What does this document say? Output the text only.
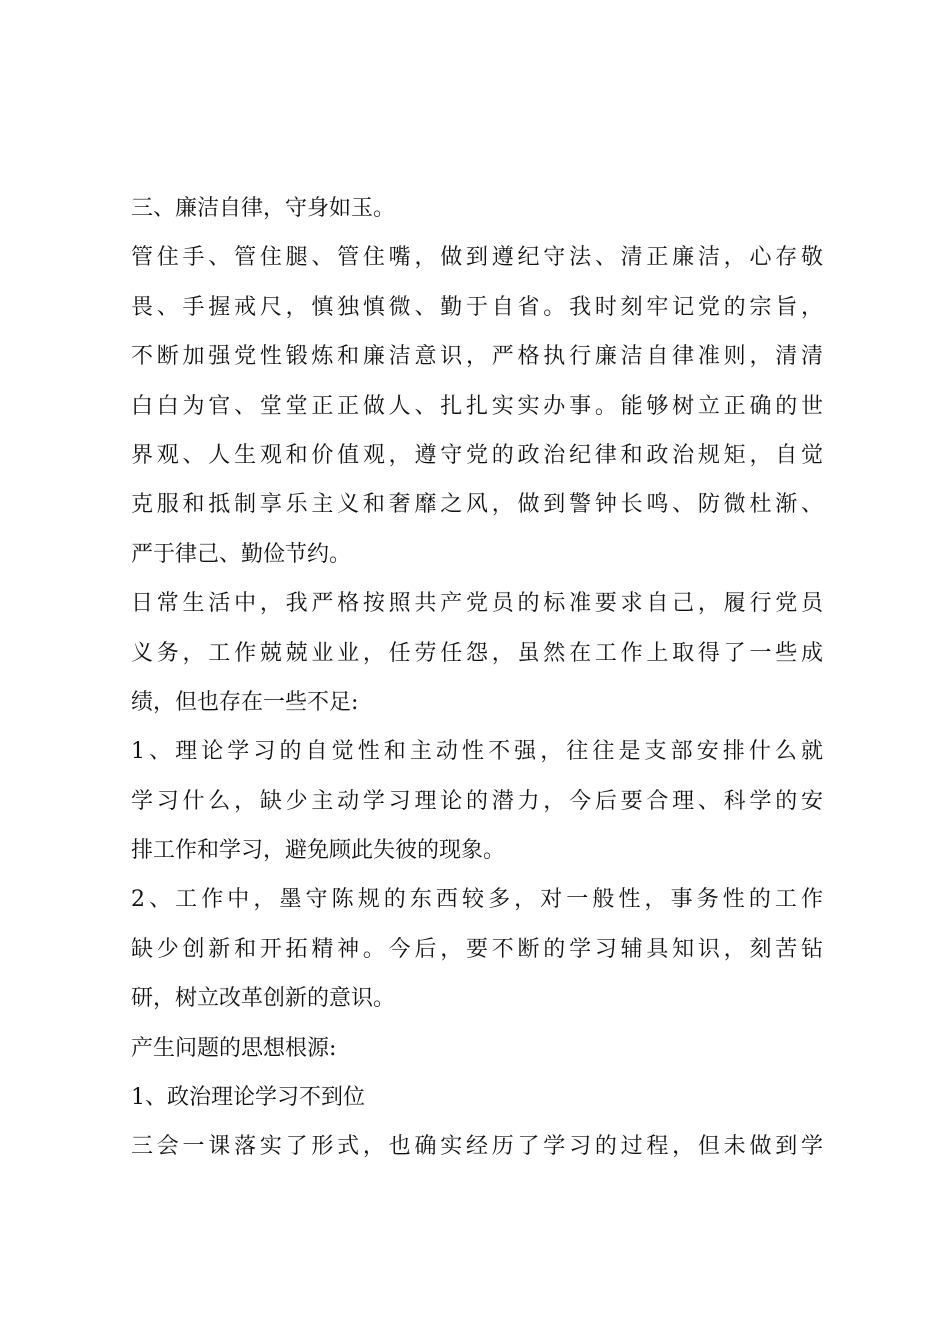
三、廉洁自律，守身如玉。
管住手、管住腿、管住嘴，做到遵纪守法、清正廉洁，心存敬
畏、手握戒尺，慎独慎微、勤于自省。我时刻牢记党的宗旨，
不断加强党性锻炼和廉洁意识，严格执行廉洁自律准则，清清
白白为官、堂堂正正做人、扎扎实实办事。能够树立正确的世
界观、人生观和价值观，遵守党的政治纪律和政治规矩，自觉
克服和抵制享乐主义和奢靡之风，做到警钟长鸣、防微杜渐、
严于律己、勤俭节约。
日常生活中，我严格按照共产党员的标准要求自己，履行党员
义务，工作兢兢业业，任劳任怨，虽然在工作上取得了一些成
绩，但也存在一些不足:
1、理论学习的自觉性和主动性不强，往往是支部安排什么就
学习什么，缺少主动学习理论的潜力，今后要合理、科学的安
排工作和学习，避免顾此失彼的现象。
2、工作中，墨守陈规的东西较多，对一般性，事务性的工作
缺少创新和开拓精神。今后，要不断的学习辅具知识，刻苦钻
研，树立改革创新的意识。
产生问题的思想根源:
1、政治理论学习不到位
三会一课落实了形式，也确实经历了学习的过程，但未做到学
